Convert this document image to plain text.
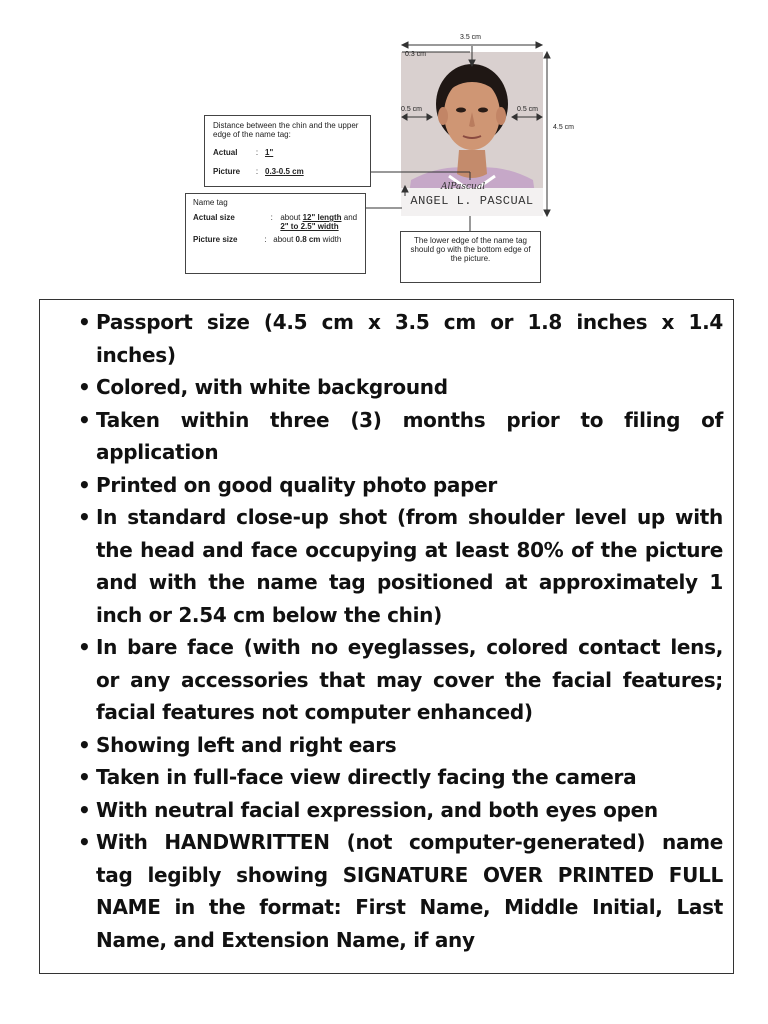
AlPascual
ANGEL L. PASCUAL
3.5 cm
0.3 cm
0.5 cm	0.5 cm
4.5 cm
Distance between the chin and the upper edge of the name tag:
Actual	: 1"
Picture	: 0.3-0.5 cm
Name tag
Actual size	: about 12" length and 2" to 2.5" width
Picture size	: about 0.8 cm width	The lower edge of the name tag should go with the bottom edge of the picture.
• Passport size (4.5 cm x 3.5 cm or 1.8 inches x 1.4 inches)
• Colored, with white background
• Taken within three (3) months prior to filing of application
• Printed on good quality photo paper
• In standard close-up shot (from shoulder level up with the head and face occupying at least 80% of the picture and with the name tag positioned at approximately 1 inch or 2.54 cm below the chin)
• In bare face (with no eyeglasses, colored contact lens, or any accessories that may cover the facial features; facial features not computer enhanced)
• Showing left and right ears
• Taken in full-face view directly facing the camera
• With neutral facial expression, and both eyes open
• With HANDWRITTEN (not computer-generated) name tag legibly showing SIGNATURE OVER PRINTED FULL NAME in the format: First Name, Middle Initial, Last Name, and Extension Name, if any
